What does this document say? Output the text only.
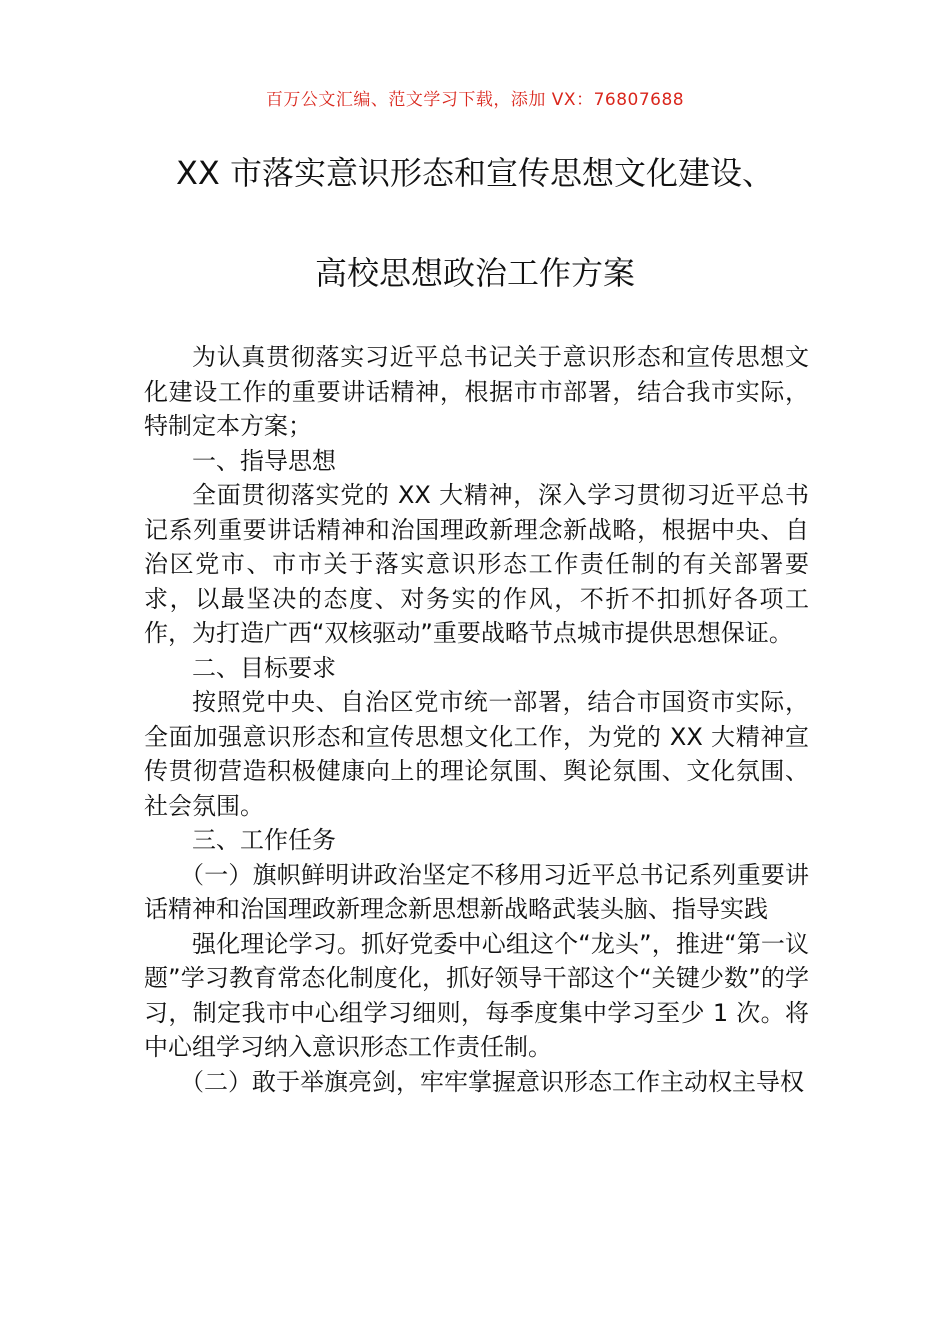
百万公文汇编、范文学习下载，添加 VX：76807688
XX 市落实意识形态和宣传思想文化建设、
高校思想政治工作方案

为认真贯彻落实习近平总书记关于意识形态和宣传思想文化建设工作的重要讲话精神，根据市市部署，结合我市实际，特制定本方案；

一、指导思想

全面贯彻落实党的 XX 大精神，深入学习贯彻习近平总书记系列重要讲话精神和治国理政新理念新战略，根据中央、自治区党市、市市关于落实意识形态工作责任制的有关部署要求，以最坚决的态度、对务实的作风，不折不扣抓好各项工作，为打造广西“双核驱动”重要战略节点城市提供思想保证。

二、目标要求

按照党中央、自治区党市统一部署，结合市国资市实际，全面加强意识形态和宣传思想文化工作，为党的 XX 大精神宣传贯彻营造积极健康向上的理论氛围、舆论氛围、文化氛围、社会氛围。

三、工作任务

（一）旗帜鲜明讲政治坚定不移用习近平总书记系列重要讲话精神和治国理政新理念新思想新战略武装头脑、指导实践

强化理论学习。抓好党委中心组这个“龙头”，推进“第一议题”学习教育常态化制度化，抓好领导干部这个“关键少数”的学习，制定我市中心组学习细则，每季度集中学习至少 1 次。将中心组学习纳入意识形态工作责任制。

（二）敢于举旗亮剑，牢牢掌握意识形态工作主动权主导权
